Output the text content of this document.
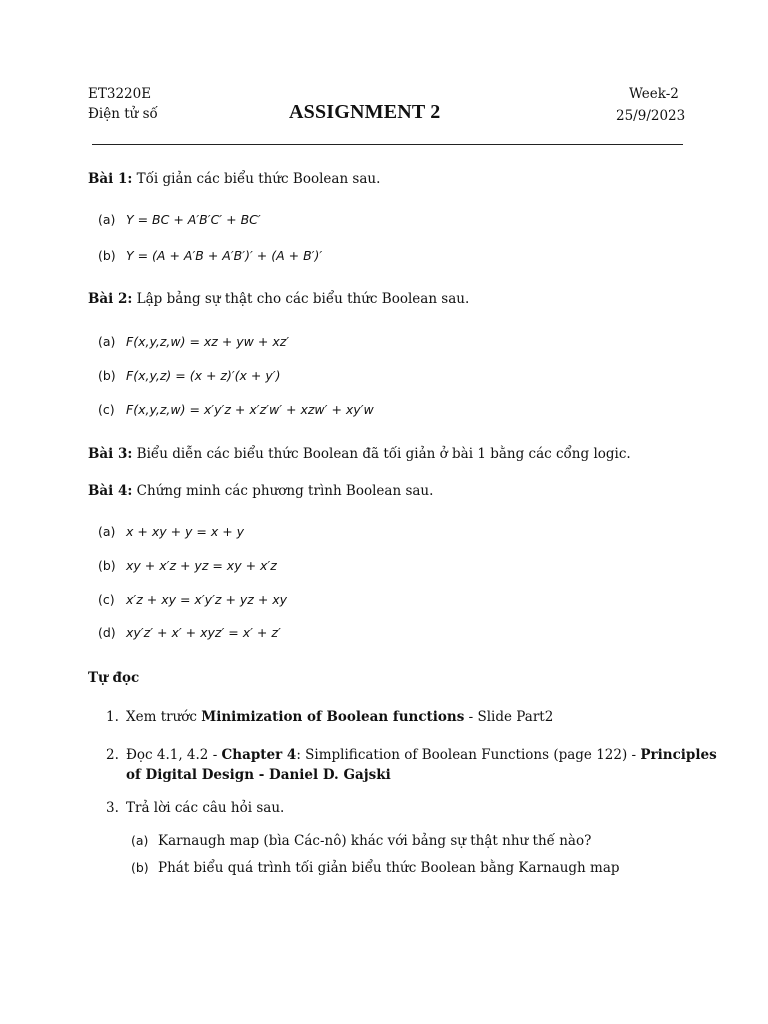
ET3220E
Điện tử số	ASSIGNMENT 2
Week-2
25/9/2023
Bài 1: Tối giản các biểu thức Boolean sau.
(a) Y = BC + A′B′C′ + BC′
(b) Y = (A + A′B + A′B′)′ + (A + B′)′
Bài 2: Lập bảng sự thật cho các biểu thức Boolean sau.
(a) F(x,y,z,w) = xz + yw + xz′
(b) F(x,y,z) = (x + z)′(x + y′)
(c) F(x,y,z,w) = x′y′z + x′z′w′ + xzw′ + xy′w
Bài 3: Biểu diễn các biểu thức Boolean đã tối giản ở bài 1 bằng các cổng logic.
Bài 4: Chứng minh các phương trình Boolean sau.
(a) x + xy + y = x + y
(b) xy + x′z + yz = xy + x′z
(c) x′z + xy = x′y′z + yz + xy
(d) xy′z′ + x′ + xyz′ = x′ + z′
Tự đọc
1. Xem trước Minimization of Boolean functions - Slide Part2
2. Đọc 4.1, 4.2 - Chapter 4: Simplification of Boolean Functions (page 122) - Principles
of Digital Design - Daniel D. Gajski
3. Trả lời các câu hỏi sau.
(a) Karnaugh map (bìa Các-nô) khác với bảng sự thật như thế nào?
(b) Phát biểu quá trình tối giản biểu thức Boolean bằng Karnaugh map
